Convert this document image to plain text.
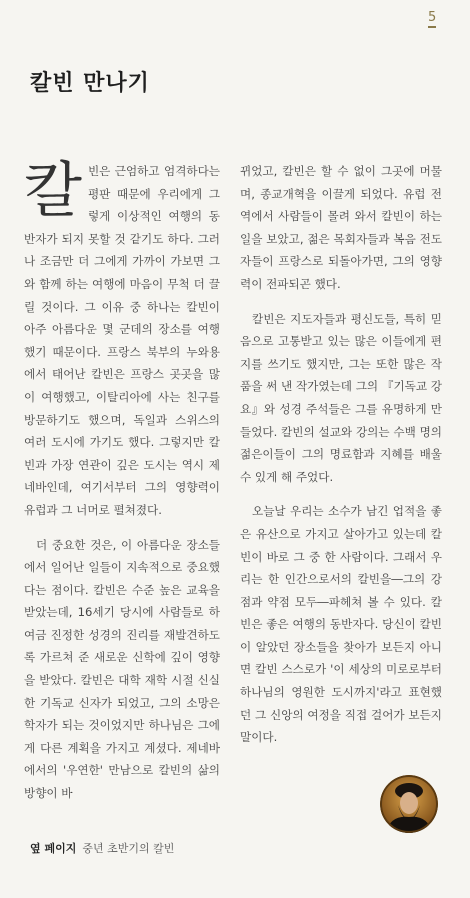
5
칼빈 만나기

칼빈은 근엄하고 엄격하다는 평판 때문에 우리에게 그렇게 이상적인 여행의 동반자가 되지 못할 것 같기도 하다. 그러나 조금만 더 그에게 가까이 가보면 그와 함께 하는 여행에 마음이 무척 더 끌릴 것이다. 그 이유 중 하나는 칼빈이 아주 아름다운 몇 군데의 장소를 여행했기 때문이다. 프랑스 북부의 누와용에서 태어난 칼빈은 프랑스 곳곳을 많이 여행했고, 이탈리아에 사는 친구를 방문하기도 했으며, 독일과 스위스의 여러 도시에 가기도 했다. 그렇지만 칼빈과 가장 연관이 깊은 도시는 역시 제네바인데, 여기서부터 그의 영향력이 유럽과 그 너머로 펼쳐졌다.

더 중요한 것은, 이 아름다운 장소들에서 일어난 일들이 지속적으로 중요했다는 점이다. 칼빈은 수준 높은 교육을 받았는데, 16세기 당시에 사람들로 하여금 진정한 성경의 진리를 재발견하도록 가르쳐 준 새로운 신학에 깊이 영향을 받았다. 칼빈은 대학 재학 시절 신실한 기독교 신자가 되었고, 그의 소망은 학자가 되는 것이었지만 하나님은 그에게 다른 계획을 가지고 계셨다. 제네바에서의 '우연한' 만남으로 칼빈의 삶의 방향이 바

뀌었고, 칼빈은 할 수 없이 그곳에 머물며, 종교개혁을 이끌게 되었다. 유럽 전역에서 사람들이 몰려 와서 칼빈이 하는 일을 보았고, 젊은 목회자들과 복음 전도자들이 프랑스로 되돌아가면, 그의 영향력이 전파되곤 했다.

칼빈은 지도자들과 평신도들, 특히 믿음으로 고통받고 있는 많은 이들에게 편지를 쓰기도 했지만, 그는 또한 많은 작품을 써 낸 작가였는데 그의 『기독교 강요』와 성경 주석들은 그를 유명하게 만들었다. 칼빈의 설교와 강의는 수백 명의 젊은이들이 그의 명료함과 지혜를 배울 수 있게 해 주었다.

오늘날 우리는 소수가 남긴 업적을 좋은 유산으로 가지고 살아가고 있는데 칼빈이 바로 그 중 한 사람이다. 그래서 우리는 한 인간으로서의 칼빈을―그의 강점과 약점 모두―파헤쳐 볼 수 있다. 칼빈은 좋은 여행의 동반자다. 당신이 칼빈이 알았던 장소들을 찾아가 보든지 아니면 칼빈 스스로가 '이 세상의 미로로부터 하나님의 영원한 도시까지'라고 표현했던 그 신앙의 여정을 직접 걸어가 보든지 말이다.

옆 페이지 중년 초반기의 칼빈
